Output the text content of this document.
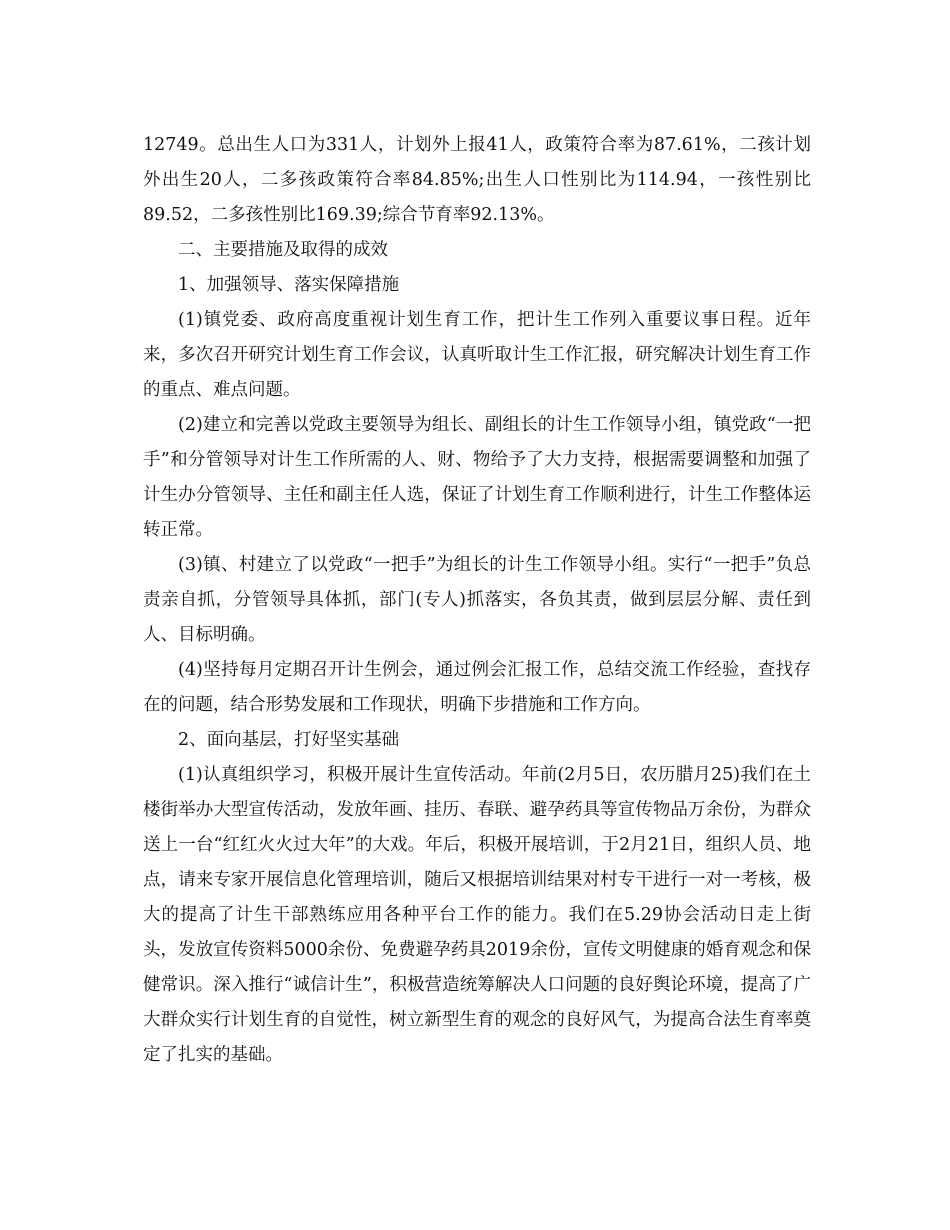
12749。总出生人口为331人，计划外上报41人，政策符合率为87.61%，二孩计划外出生20人，二多孩政策符合率84.85%;出生人口性别比为114.94，一孩性别比89.52，二多孩性别比169.39;综合节育率92.13%。

二、主要措施及取得的成效

1、加强领导、落实保障措施

(1)镇党委、政府高度重视计划生育工作，把计生工作列入重要议事日程。近年来，多次召开研究计划生育工作会议，认真听取计生工作汇报，研究解决计划生育工作的重点、难点问题。

(2)建立和完善以党政主要领导为组长、副组长的计生工作领导小组，镇党政“一把手”和分管领导对计生工作所需的人、财、物给予了大力支持，根据需要调整和加强了计生办分管领导、主任和副主任人选，保证了计划生育工作顺利进行，计生工作整体运转正常。

(3)镇、村建立了以党政“一把手”为组长的计生工作领导小组。实行“一把手”负总责亲自抓，分管领导具体抓，部门(专人)抓落实，各负其责，做到层层分解、责任到人、目标明确。

(4)坚持每月定期召开计生例会，通过例会汇报工作，总结交流工作经验，查找存在的问题，结合形势发展和工作现状，明确下步措施和工作方向。

2、面向基层，打好坚实基础

(1)认真组织学习，积极开展计生宣传活动。年前(2月5日，农历腊月25)我们在土楼街举办大型宣传活动，发放年画、挂历、春联、避孕药具等宣传物品万余份，为群众送上一台“红红火火过大年”的大戏。年后，积极开展培训，于2月21日，组织人员、地点，请来专家开展信息化管理培训，随后又根据培训结果对村专干进行一对一考核，极大的提高了计生干部熟练应用各种平台工作的能力。我们在5.29协会活动日走上街头，发放宣传资料5000余份、免费避孕药具2019余份，宣传文明健康的婚育观念和保健常识。深入推行“诚信计生”，积极营造统筹解决人口问题的良好舆论环境，提高了广大群众实行计划生育的自觉性，树立新型生育的观念的良好风气，为提高合法生育率奠定了扎实的基础。
